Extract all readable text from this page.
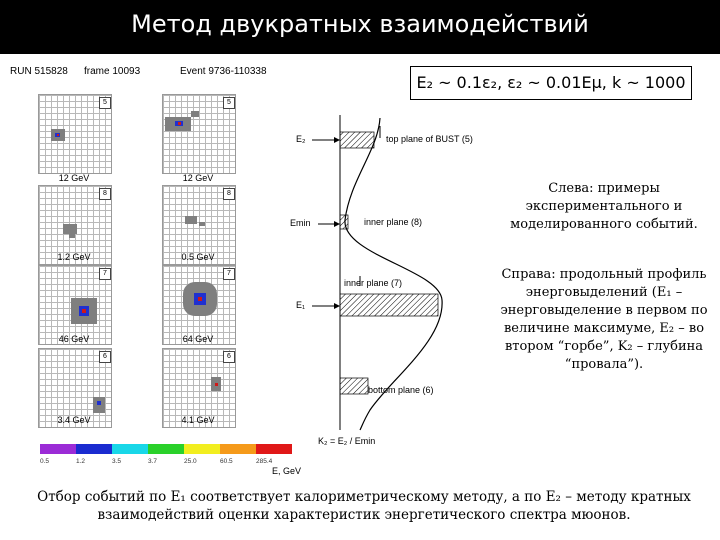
Метод двукратных взаимодействий
RUN 515828 frame 10093	Event 9736-110338
5
12 GeV
5
12 GeV
8
1.2 GeV
8
0.5 GeV
7
46 GeV
7
64 GeV
6
3.4 GeV
6
4.1 GeV
0.5	1.2	3.5	3.7	25.0	60.5	285.4
E, GeV
E₂ ~ 0.1ε₂, ε₂ ~ 0.01Eμ, k ~ 1000
E₂
Emin
E₁
top plane of BUST (5)
inner plane (8)
inner plane (7)
bottom plane (6)
K₂ = E₂ / Emin
Слева: примеры экспериментального и моделированного событий.
Справа: продольный профиль энерговыделений (E₁ – энерговыделение в первом по величине максимуме, E₂ – во втором “горбе”, K₂ – глубина “провала”).
Отбор событий по E₁ соответствует калориметрическому методу, а по E₂ – методу кратных взаимодействий оценки характеристик энергетического спектра мюонов.
